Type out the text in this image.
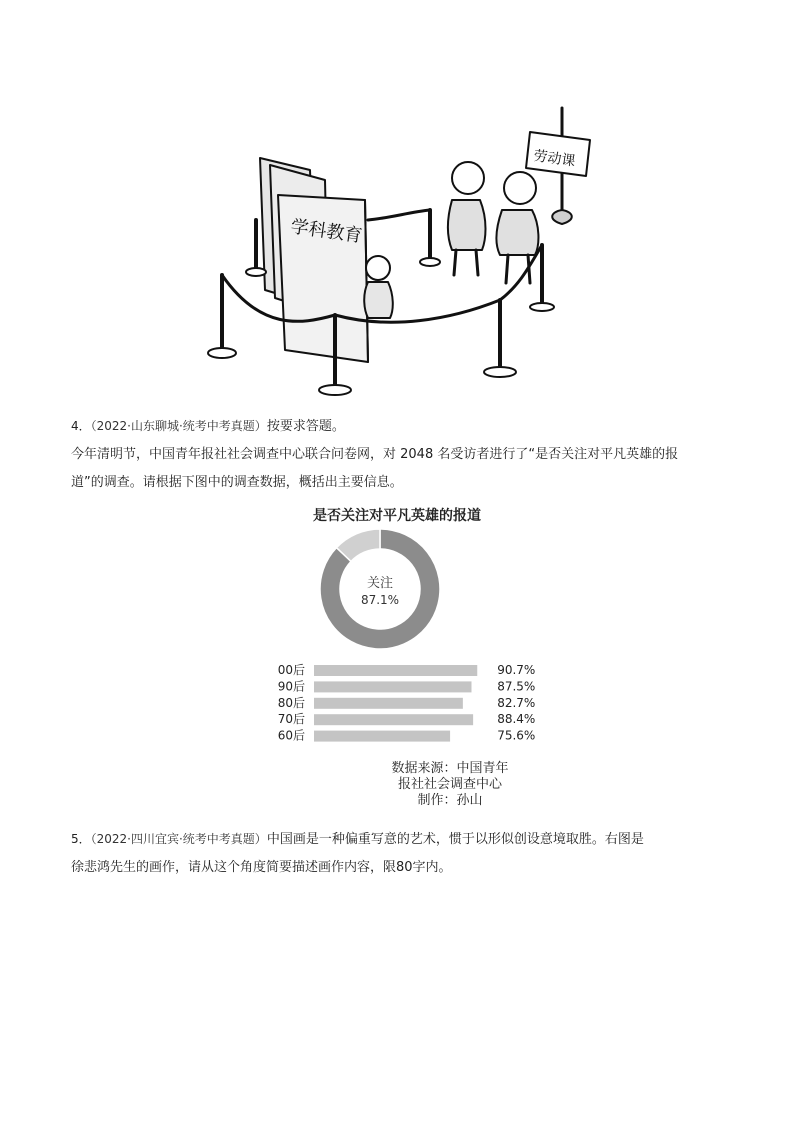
学科教育
劳动课
4．（2022·山东聊城·统考中考真题）按要求答题。
今年清明节，中国青年报社社会调查中心联合问卷网，对 2048 名受访者进行了“是否关注对平凡英雄的报
道”的调查。请根据下图中的调查数据，概括出主要信息。
是否关注对平凡英雄的报道
关注
87.1%
00后	90.7%
90后	87.5%
80后	82.7%
70后	88.4%
60后	75.6%
数据来源：中国青年
报社社会调查中心
制作：孙山
5．（2022·四川宜宾·统考中考真题）中国画是一种偏重写意的艺术，惯于以形似创设意境取胜。右图是
徐悲鸿先生的画作，请从这个角度简要描述画作内容，限80字内。
